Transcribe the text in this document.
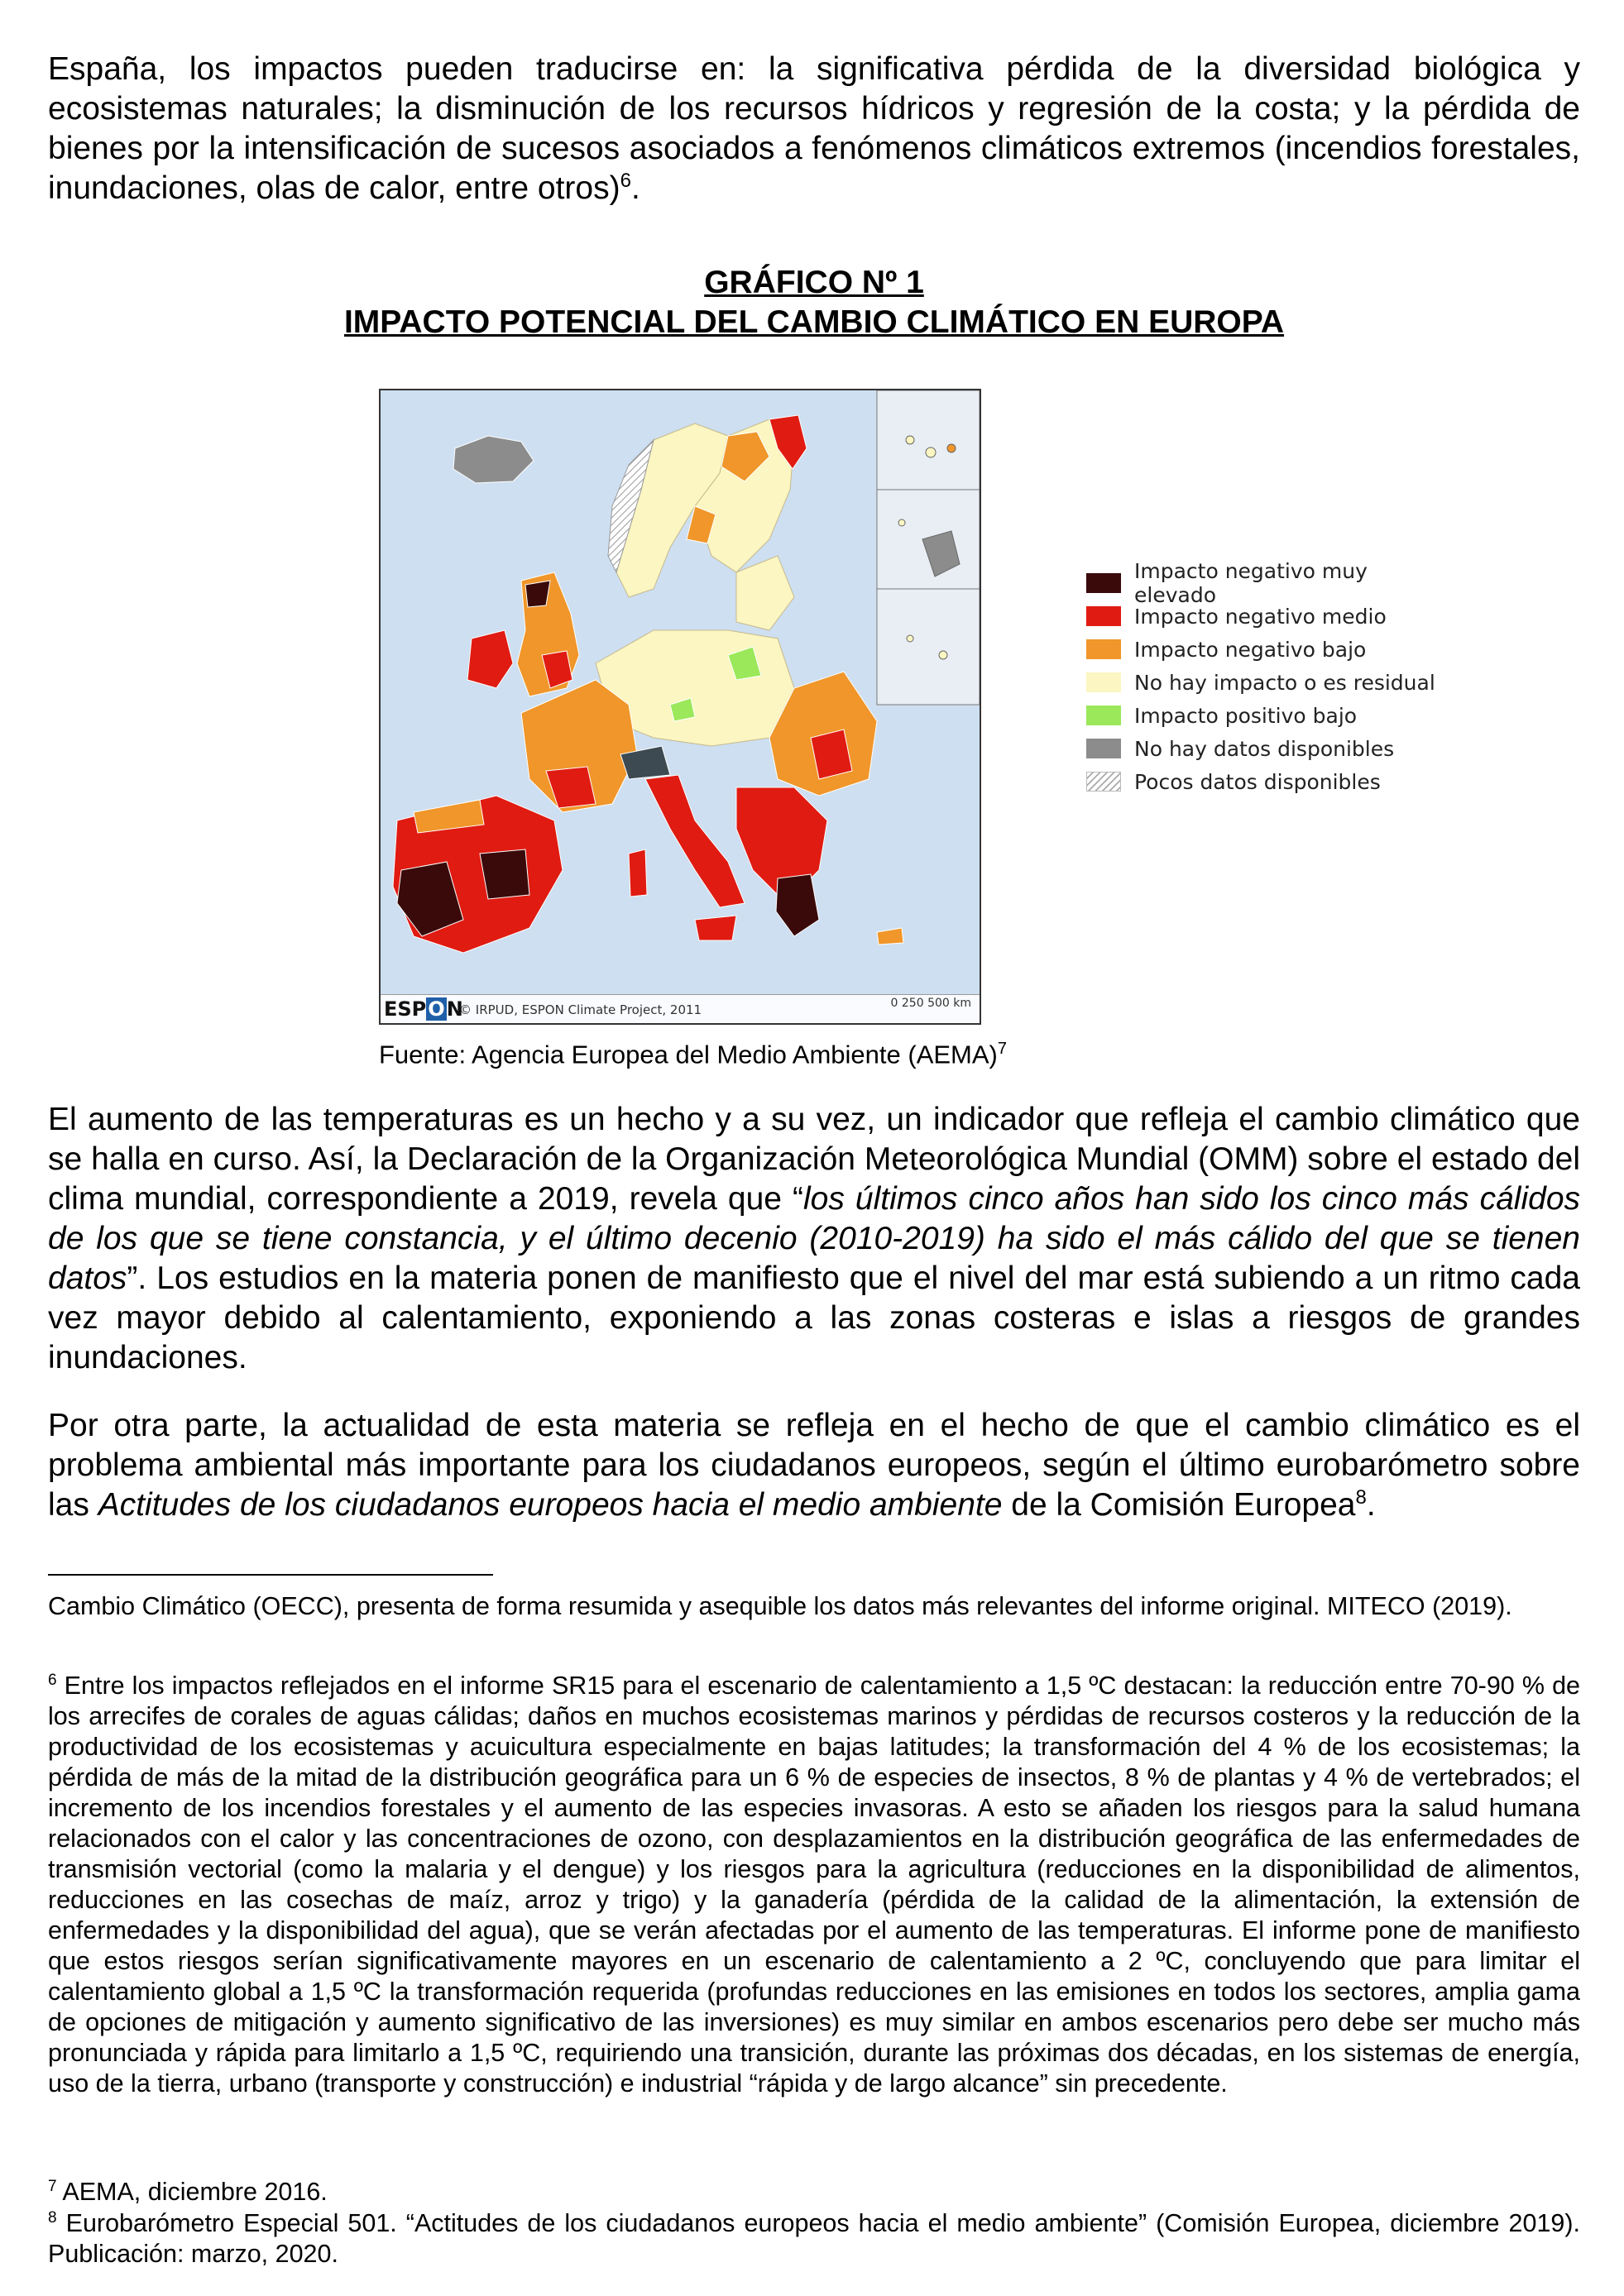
España, los impactos pueden traducirse en: la significativa pérdida de la diversidad biológica y ecosistemas naturales; la disminución de los recursos hídricos y regresión de la costa; y la pérdida de bienes por la intensificación de sucesos asociados a fenómenos climáticos extremos (incendios forestales, inundaciones, olas de calor, entre otros)$^6$.

GRÁFICO Nº 1
IMPACTO POTENCIAL DEL CAMBIO CLIMÁTICO EN EUROPA
ESPON
© IRPUD, ESPON Climate Project, 2011	0 250 500 km
Impacto negativo muy elevado
Impacto negativo medio
Impacto negativo bajo
No hay impacto o es residual
Impacto positivo bajo
No hay datos disponibles
Pocos datos disponibles
Fuente: Agencia Europea del Medio Ambiente (AEMA)$^7$

El aumento de las temperaturas es un hecho y a su vez, un indicador que refleja el cambio climático que se halla en curso. Así, la Declaración de la Organización Meteorológica Mundial (OMM) sobre el estado del clima mundial, correspondiente a 2019, revela que “los últimos cinco años han sido los cinco más cálidos de los que se tiene constancia, y el último decenio (2010-2019) ha sido el más cálido del que se tienen datos”. Los estudios en la materia ponen de manifiesto que el nivel del mar está subiendo a un ritmo cada vez mayor debido al calentamiento, exponiendo a las zonas costeras e islas a riesgos de grandes inundaciones.

Por otra parte, la actualidad de esta materia se refleja en el hecho de que el cambio climático es el problema ambiental más importante para los ciudadanos europeos, según el último eurobarómetro sobre las Actitudes de los ciudadanos europeos hacia el medio ambiente de la Comisión Europea$^8$.

Cambio Climático (OECC), presenta de forma resumida y asequible los datos más relevantes del informe original. MITECO (2019).

$^6$ Entre los impactos reflejados en el informe SR15 para el escenario de calentamiento a 1,5 ºC destacan: la reducción entre 70-90 % de los arrecifes de corales de aguas cálidas; daños en muchos ecosistemas marinos y pérdidas de recursos costeros y la reducción de la productividad de los ecosistemas y acuicultura especialmente en bajas latitudes; la transformación del 4 % de los ecosistemas; la pérdida de más de la mitad de la distribución geográfica para un 6 % de especies de insectos, 8 % de plantas y 4 % de vertebrados; el incremento de los incendios forestales y el aumento de las especies invasoras. A esto se añaden los riesgos para la salud humana relacionados con el calor y las concentraciones de ozono, con desplazamientos en la distribución geográfica de las enfermedades de transmisión vectorial (como la malaria y el dengue) y los riesgos para la agricultura (reducciones en la disponibilidad de alimentos, reducciones en las cosechas de maíz, arroz y trigo) y la ganadería (pérdida de la calidad de la alimentación, la extensión de enfermedades y la disponibilidad del agua), que se verán afectadas por el aumento de las temperaturas. El informe pone de manifiesto que estos riesgos serían significativamente mayores en un escenario de calentamiento a 2 ºC, concluyendo que para limitar el calentamiento global a 1,5 ºC la transformación requerida (profundas reducciones en las emisiones en todos los sectores, amplia gama de opciones de mitigación y aumento significativo de las inversiones) es muy similar en ambos escenarios pero debe ser mucho más pronunciada y rápida para limitarlo a 1,5 ºC, requiriendo una transición, durante las próximas dos décadas, en los sistemas de energía, uso de la tierra, urbano (transporte y construcción) e industrial “rápida y de largo alcance” sin precedente.

$^7$ AEMA, diciembre 2016.

$^8$ Eurobarómetro Especial 501. “Actitudes de los ciudadanos europeos hacia el medio ambiente” (Comisión Europea, diciembre 2019). Publicación: marzo, 2020.
